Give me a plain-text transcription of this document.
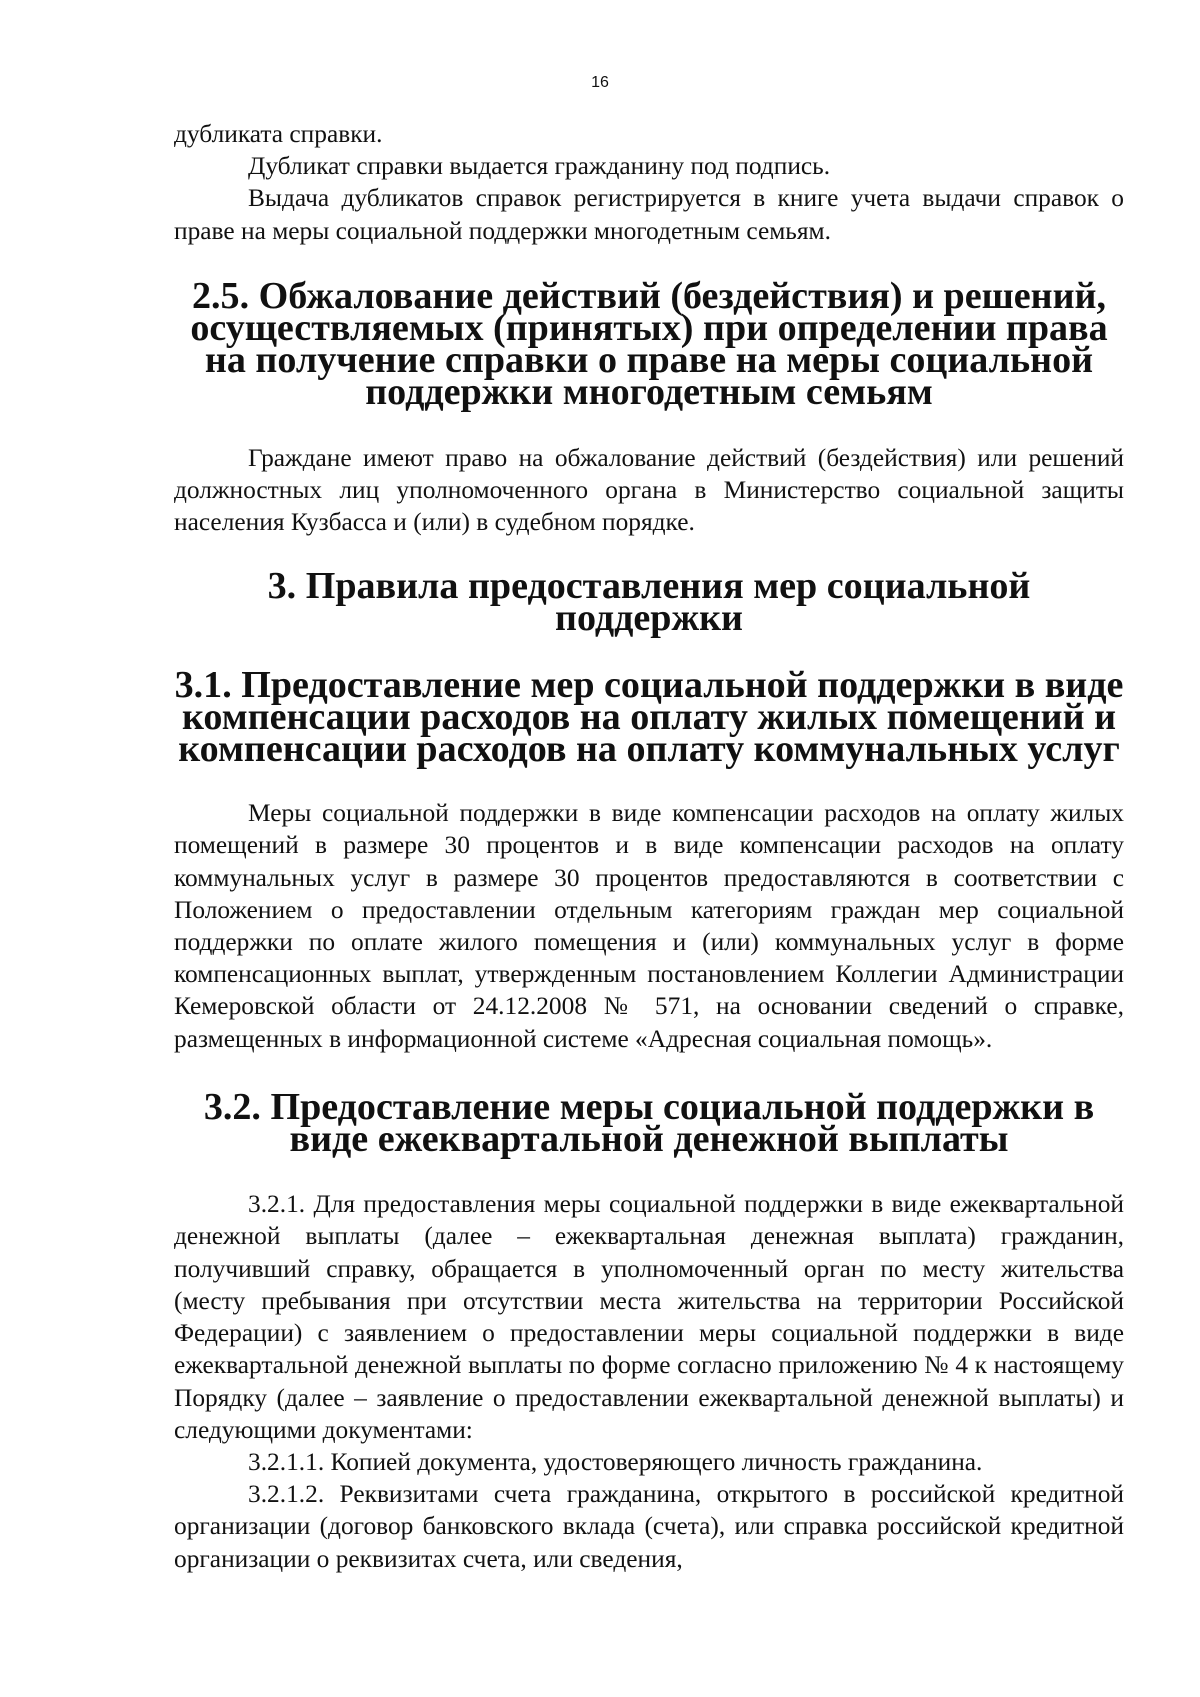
16

дубликата справки.

Дубликат справки выдается гражданину под подпись.

Выдача дубликатов справок регистрируется в книге учета выдачи справок о праве на меры социальной поддержки многодетным семьям.

2.5. Обжалование действий (бездействия) и решений, осуществляемых (принятых) при определении права на получение справки о праве на меры социальной поддержки многодетным семьям

Граждане имеют право на обжалование действий (бездействия) или решений должностных лиц уполномоченного органа в Министерство социальной защиты населения Кузбасса и (или) в судебном порядке.

3. Правила предоставления мер социальной поддержки
3.1. Предоставление мер социальной поддержки в виде компенсации расходов на оплату жилых помещений и компенсации расходов на оплату коммунальных услуг

Меры социальной поддержки в виде компенсации расходов на оплату жилых помещений в размере 30 процентов и в виде компенсации расходов на оплату коммунальных услуг в размере 30 процентов предоставляются в соответствии с Положением о предоставлении отдельным категориям граждан мер социальной поддержки по оплате жилого помещения и (или) коммунальных услуг в форме компенсационных выплат, утвержденным постановлением Коллегии Администрации Кемеровской области от 24.12.2008 № 571, на основании сведений о справке, размещенных в информационной системе «Адресная социальная помощь».

3.2. Предоставление меры социальной поддержки в виде ежеквартальной денежной выплаты

3.2.1. Для предоставления меры социальной поддержки в виде ежеквартальной денежной выплаты (далее – ежеквартальная денежная выплата) гражданин, получивший справку, обращается в уполномоченный орган по месту жительства (месту пребывания при отсутствии места жительства на территории Российской Федерации) с заявлением о предоставлении меры социальной поддержки в виде ежеквартальной денежной выплаты по форме согласно приложению № 4 к настоящему Порядку (далее – заявление о предоставлении ежеквартальной денежной выплаты) и следующими документами:

3.2.1.1. Копией документа, удостоверяющего личность гражданина.

3.2.1.2. Реквизитами счета гражданина, открытого в российской кредитной организации (договор банковского вклада (счета), или справка российской кредитной организации о реквизитах счета, или сведения,
